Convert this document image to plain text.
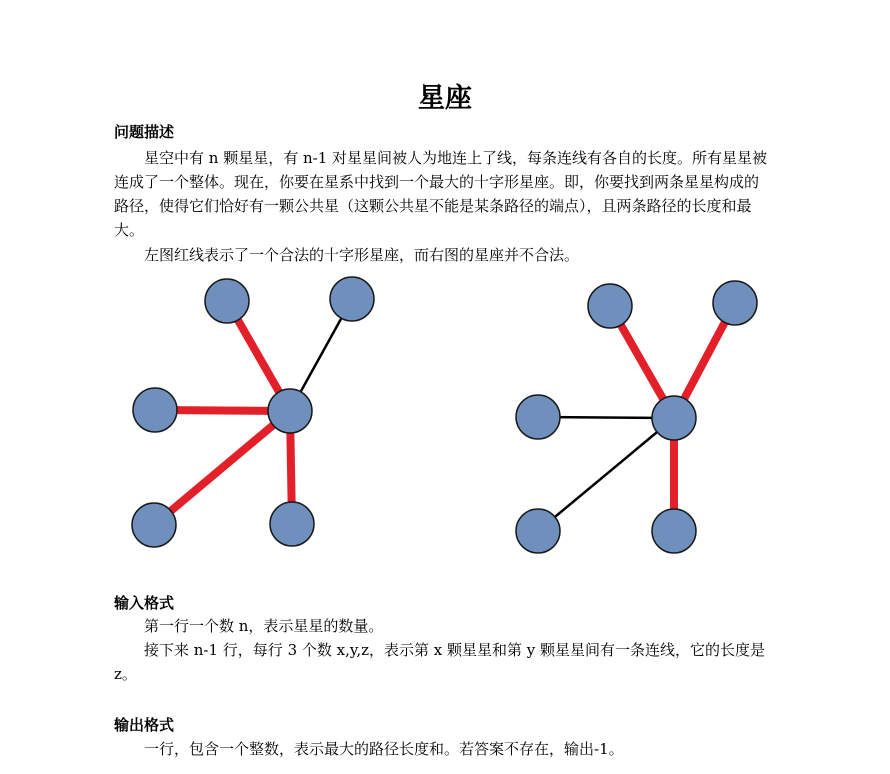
星座
问题描述

星空中有 n 颗星星，有 n-1 对星星间被人为地连上了线，每条连线有各自的长度。所有星星被连成了一个整体。现在，你要在星系中找到一个最大的十字形星座。即，你要找到两条星星构成的路径，使得它们恰好有一颗公共星（这颗公共星不能是某条路径的端点），且两条路径的长度和最大。

左图红线表示了一个合法的十字形星座，而右图的星座并不合法。

输入格式

第一行一个数 n，表示星星的数量。

接下来 n-1 行，每行 3 个数 x,y,z，表示第 x 颗星星和第 y 颗星星间有一条连线，它的长度是 z。

输出格式

一行，包含一个整数，表示最大的路径长度和。若答案不存在，输出-1。
